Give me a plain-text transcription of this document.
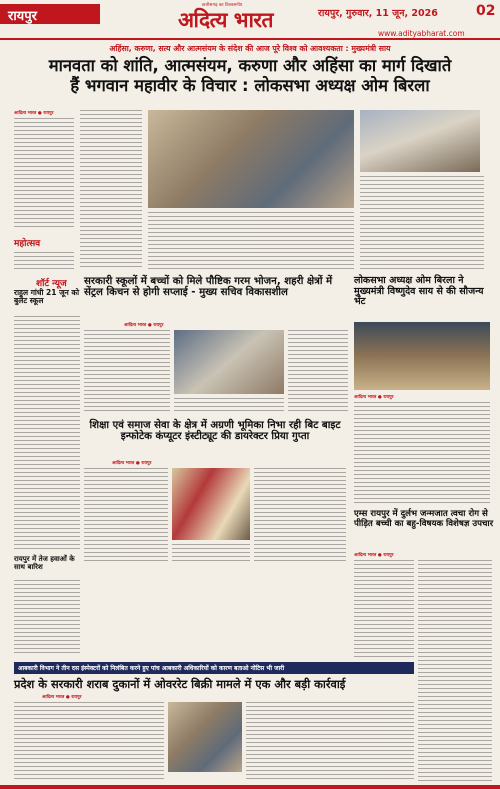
रायपुर
छत्तीसगढ़ का विश्वसनीय
अदित्य भारत	रायपुर, गुरुवार, 11 जून, 2026	02
www.adityabharat.com
अहिंसा, करुणा, सत्य और आत्मसंयम के संदेश की आज पूरे विश्व को आवश्यकता : मुख्यमंत्री साय
मानवता को शांति, आत्मसंयम, करुणा और अहिंसा का मार्ग दिखाते
हैं भगवान महावीर के विचार : लोकसभा अध्यक्ष ओम बिरला
आदित्य भारत ● रायपुर
महोत्सव
शॉर्ट न्यूज
राहुल गांधी 21 जून को बुलेट स्कूल
रायपुर में तेज हवाओं के साथ बारिश
सरकारी स्कूलों में बच्चों को मिले पौष्टिक गरम भोजन, शहरी क्षेत्रों में सेंट्रल किचन से होगी सप्लाई - मुख्य सचिव विकासशील
आदित्य भारत ● रायपुर
लोकसभा अध्यक्ष ओम बिरला ने मुख्यमंत्री विष्णुदेव साय से की सौजन्य भेंट
आदित्य भारत ● रायपुर
शिक्षा एवं समाज सेवा के क्षेत्र में अग्रणी भूमिका निभा रही बिट बाइट इन्फोटेक कंप्यूटर इंस्टीट्यूट की डायरेक्टर प्रिया गुप्ता
आदित्य भारत ● रायपुर
एम्स रायपुर में दुर्लभ जन्मजात त्वचा रोग से पीड़ित बच्ची का बहु-विषयक विशेषज्ञ उपचार
आदित्य भारत ● रायपुर
आबकारी विभाग ने तीन दस इंस्पेक्टरों को निलंबित करने हुए पांच आबकारी अधिकारियों को कारण बताओ नोटिस भी जारी
प्रदेश के सरकारी शराब दुकानों में ओवररेट बिक्री मामले में एक और बड़ी कार्रवाई
आदित्य भारत ● रायपुर
